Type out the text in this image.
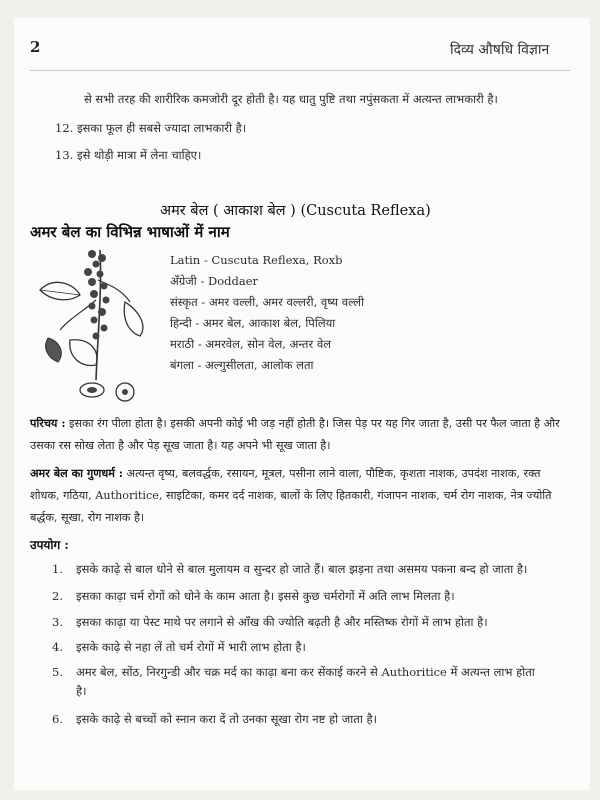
2	दिव्य औषधि विज्ञान
से सभी तरह की शारीरिक कमजोरी दूर होती है। यह धातु पुष्टि तथा नपुंसकता में अत्यन्त लाभकारी है।
12. इसका फूल ही सबसे ज्यादा लाभकारी है।
13. इसे थोड़ी मात्रा में लेना चाहिए।
अमर बेल ( आकाश बेल ) (Cuscuta Reflexa)
अमर बेल का विभिन्न भाषाओं में नाम
Latin - Cuscuta Reflexa, Roxb
अँग्रेजी - Doddaer
संस्कृत - अमर वल्ली, अमर वल्लरी, वृष्य वल्ली
हिन्दी - अमर बेल, आकाश बेल, पिलिया
मराठी - अमरवेल, सोन वेल, अन्तर वेल
बंगला - अल्गुसीलता, आलोक लता
परिचय : इसका रंग पीला होता है। इसकी अपनी कोई भी जड़ नहीं होती है। जिस पेड़ पर यह गिर जाता है, उसी पर फैल जाता है और उसका रस सोख लेता है और पेड़ सूख जाता है। यह अपने भी सूख जाता है।
अमर बेल का गुणधर्म : अत्यन्त वृष्य, बलवर्द्धक, रसायन, मूत्रल, पसीना लाने वाला, पौष्टिक, कृशता नाशक, उपदंश नाशक, रक्त शोधक, गठिया, Authoritice, साइटिका, कमर दर्द नाशक, बालों के लिए हितकारी, गंजापन नाशक, चर्म रोग नाशक, नेत्र ज्योति बर्द्धक, सूखा, रोग नाशक है।
उपयोग :
1. इसके काढ़े से बाल धोने से बाल मुलायम व सुन्दर हो जाते हैं। बाल झड़ना तथा असमय पकना बन्द हो जाता है।
2. इसका काढ़ा चर्म रोगों को धोने के काम आता है। इससे कुछ चर्मरोगों में अति लाभ मिलता है।
3. इसका काढ़ा या पेस्ट माथे पर लगाने से आँख की ज्योति बढ़ती है और मस्तिष्क रोगों में लाभ होता है।
4. इसके काढ़े से नहा लें तो चर्म रोगों में भारी लाभ होता है।
5. अमर बेल, सोंठ, निरगुन्डी और चक्र मर्द का काढ़ा बना कर सेंकाई करने से Authoritice में अत्यन्त लाभ होता
है।
6. इसके काढ़े से बच्चों को स्नान करा दें तो उनका सूखा रोग नष्ट हो जाता है।
